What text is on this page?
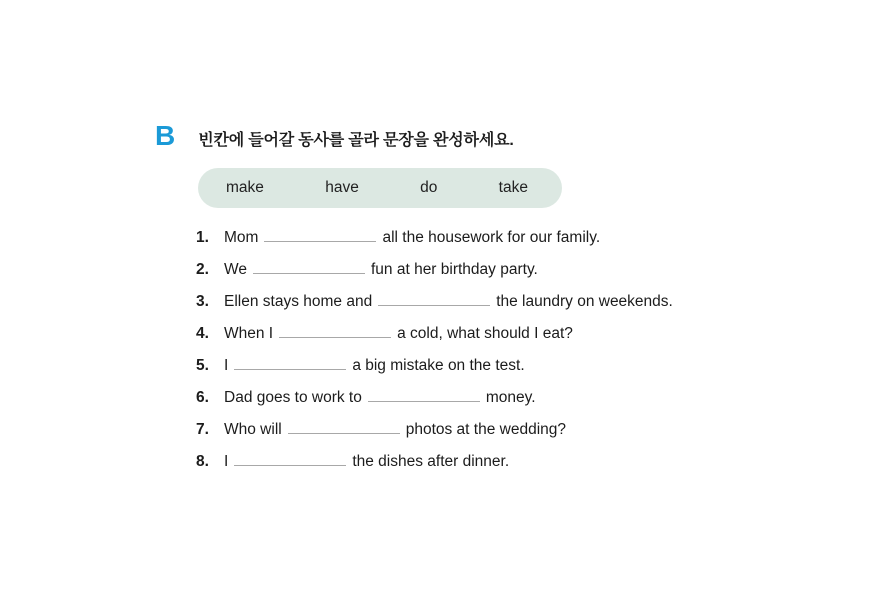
B 빈칸에 들어갈 동사를 골라 문장을 완성하세요.
make	have	do	take
1. Mom	all the housework for our family.
2. We	fun at her birthday party.
3. Ellen stays home and	the laundry on weekends.
4. When I	a cold, what should I eat?
5. I	a big mistake on the test.
6. Dad goes to work to	money.
7. Who will	photos at the wedding?
8. I	the dishes after dinner.
